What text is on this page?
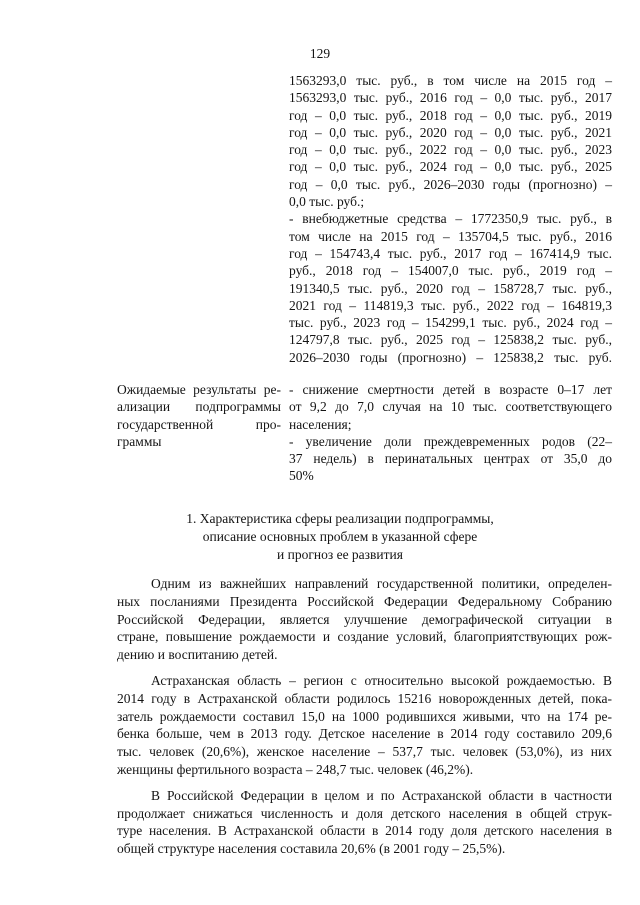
129
1563293,0 тыс. руб., в том числе на 2015 год –
1563293,0 тыс. руб., 2016 год – 0,0 тыс. руб., 2017
год – 0,0 тыс. руб., 2018 год – 0,0 тыс. руб., 2019
год – 0,0 тыс. руб., 2020 год – 0,0 тыс. руб., 2021
год – 0,0 тыс. руб., 2022 год – 0,0 тыс. руб., 2023
год – 0,0 тыс. руб., 2024 год – 0,0 тыс. руб., 2025
год – 0,0 тыс. руб., 2026–2030 годы (прогнозно) –
0,0 тыс. руб.;
- внебюджетные средства – 1772350,9 тыс. руб., в
том числе на 2015 год – 135704,5 тыс. руб., 2016
год – 154743,4 тыс. руб., 2017 год – 167414,9 тыс.
руб., 2018 год – 154007,0 тыс. руб., 2019 год –
191340,5 тыс. руб., 2020 год – 158728,7 тыс. руб.,
2021 год – 114819,3 тыс. руб., 2022 год – 164819,3
тыс. руб., 2023 год – 154299,1 тыс. руб., 2024 год –
124797,8 тыс. руб., 2025 год – 125838,2 тыс. руб.,
2026–2030 годы (прогнозно) – 125838,2 тыс. руб.
Ожидаемые результаты ре-
ализации подпрограммы
государственной про-
граммы
- снижение смертности детей в возрасте 0–17 лет
от 9,2 до 7,0 случая на 10 тыс. соответствующего
населения;
- увеличение доли преждевременных родов (22–
37 недель) в перинатальных центрах от 35,0 до
50%
1. Характеристика сферы реализации подпрограммы,
описание основных проблем в указанной сфере
и прогноз ее развития
Одним из важнейших направлений государственной политики, определен-
ных посланиями Президента Российской Федерации Федеральному Собранию
Российской Федерации, является улучшение демографической ситуации в
стране, повышение рождаемости и создание условий, благоприятствующих рож-
дению и воспитанию детей.
Астраханская область – регион с относительно высокой рождаемостью. В
2014 году в Астраханской области родилось 15216 новорожденных детей, пока-
затель рождаемости составил 15,0 на 1000 родившихся живыми, что на 174 ре-
бенка больше, чем в 2013 году. Детское население в 2014 году составило 209,6
тыс. человек (20,6%), женское население – 537,7 тыс. человек (53,0%), из них
женщины фертильного возраста – 248,7 тыс. человек (46,2%).
В Российской Федерации в целом и по Астраханской области в частности
продолжает снижаться численность и доля детского населения в общей струк-
туре населения. В Астраханской области в 2014 году доля детского населения в
общей структуре населения составила 20,6% (в 2001 году – 25,5%).
